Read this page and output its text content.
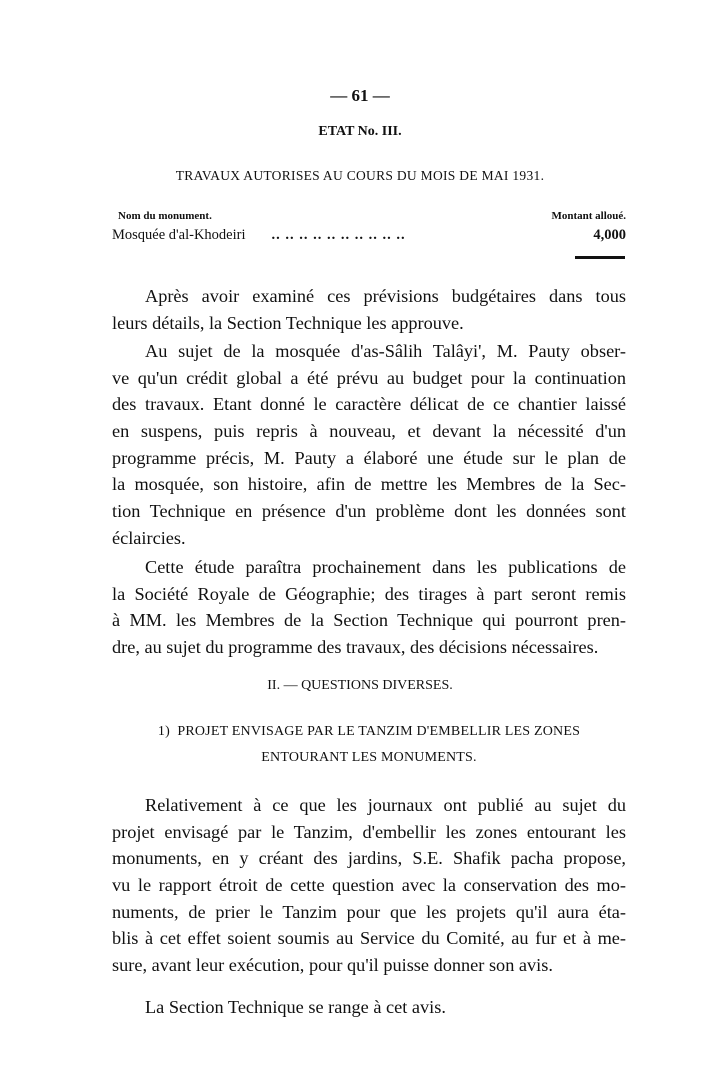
— 61 —
ETAT No. III.
TRAVAUX AUTORISES AU COURS DU MOIS DE MAI 1931.
Nom du monument.	Montant alloué.
Mosquée d'al-Khodeiri	.. .. .. .. .. .. .. .. .. ..	4,000
Après avoir examiné ces prévisions budgétaires dans tous
leurs détails, la Section Technique les approuve.
Au sujet de la mosquée d'as-Sâlih Talâyi', M. Pauty obser-
ve qu'un crédit global a été prévu au budget pour la continuation
des travaux. Etant donné le caractère délicat de ce chantier laissé
en suspens, puis repris à nouveau, et devant la nécessité d'un
programme précis, M. Pauty a élaboré une étude sur le plan de
la mosquée, son histoire, afin de mettre les Membres de la Sec-
tion Technique en présence d'un problème dont les données sont
éclaircies.
Cette étude paraîtra prochainement dans les publications de
la Société Royale de Géographie; des tirages à part seront remis
à MM. les Membres de la Section Technique qui pourront pren-
dre, au sujet du programme des travaux, des décisions nécessaires.
II. — QUESTIONS DIVERSES.
1)  PROJET ENVISAGE PAR LE TANZIM D'EMBELLIR LES ZONES
ENTOURANT LES MONUMENTS.
Relativement à ce que les journaux ont publié au sujet du
projet envisagé par le Tanzim, d'embellir les zones entourant les
monuments, en y créant des jardins, S.E. Shafik pacha propose,
vu le rapport étroit de cette question avec la conservation des mo-
numents, de prier le Tanzim pour que les projets qu'il aura éta-
blis à cet effet soient soumis au Service du Comité, au fur et à me-
sure, avant leur exécution, pour qu'il puisse donner son avis.
La Section Technique se range à cet avis.
